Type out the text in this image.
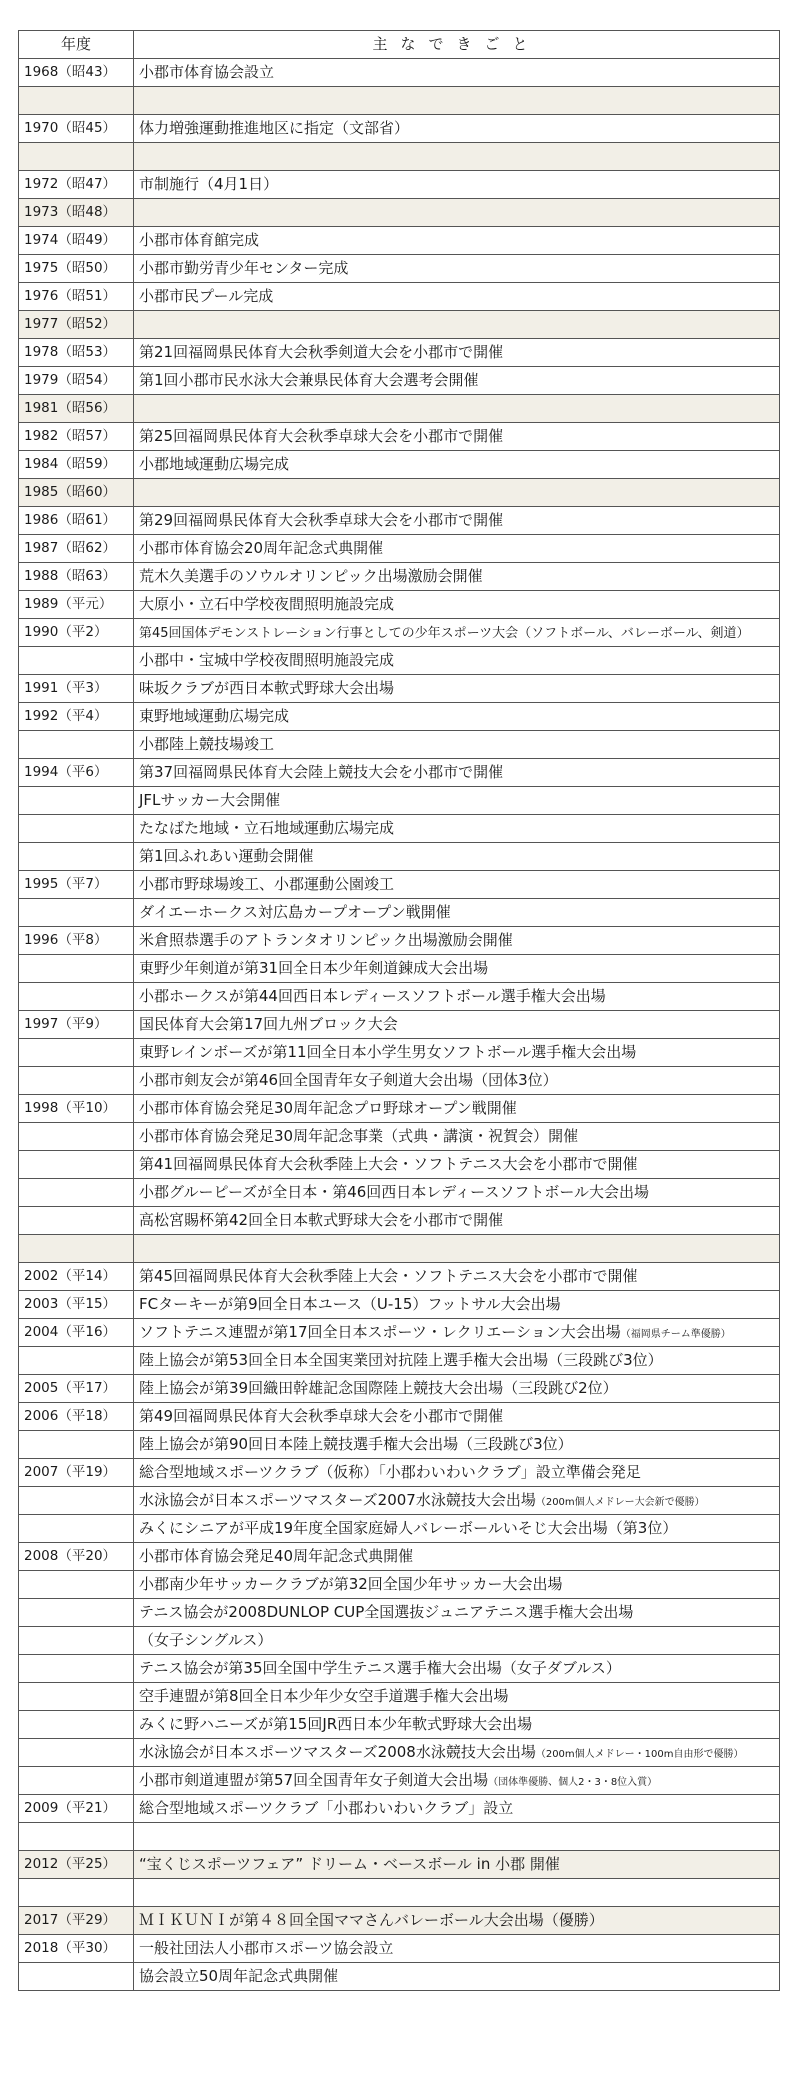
年度	主なできごと
1968（昭43）	小郡市体育協会設立

1970（昭45）	体力増強運動推進地区に指定（文部省）

1972（昭47）	市制施行（4月1日）
1973（昭48）	
1974（昭49）	小郡市体育館完成
1975（昭50）	小郡市勤労青少年センター完成
1976（昭51）	小郡市民プール完成
1977（昭52）	
1978（昭53）	第21回福岡県民体育大会秋季剣道大会を小郡市で開催
1979（昭54）	第1回小郡市民水泳大会兼県民体育大会選考会開催
1981（昭56）	
1982（昭57）	第25回福岡県民体育大会秋季卓球大会を小郡市で開催
1984（昭59）	小郡地域運動広場完成
1985（昭60）	
1986（昭61）	第29回福岡県民体育大会秋季卓球大会を小郡市で開催
1987（昭62）	小郡市体育協会20周年記念式典開催
1988（昭63）	荒木久美選手のソウルオリンピック出場激励会開催
1989（平元）	大原小・立石中学校夜間照明施設完成
1990（平2）	第45回国体デモンストレーション行事としての少年スポーツ大会（ソフトボール、バレーボール、剣道）
	小郡中・宝城中学校夜間照明施設完成
1991（平3）	味坂クラブが西日本軟式野球大会出場
1992（平4）	東野地域運動広場完成
	小郡陸上競技場竣工
1994（平6）	第37回福岡県民体育大会陸上競技大会を小郡市で開催
	JFLサッカー大会開催
	たなばた地域・立石地域運動広場完成
	第1回ふれあい運動会開催
1995（平7）	小郡市野球場竣工、小郡運動公園竣工
	ダイエーホークス対広島カープオープン戦開催
1996（平8）	米倉照恭選手のアトランタオリンピック出場激励会開催
	東野少年剣道が第31回全日本少年剣道錬成大会出場
	小郡ホークスが第44回西日本レディースソフトボール選手権大会出場
1997（平9）	国民体育大会第17回九州ブロック大会
	東野レインボーズが第11回全日本小学生男女ソフトボール選手権大会出場
	小郡市剣友会が第46回全国青年女子剣道大会出場（団体3位）
1998（平10）	小郡市体育協会発足30周年記念プロ野球オープン戦開催
	小郡市体育協会発足30周年記念事業（式典・講演・祝賀会）開催
	第41回福岡県民体育大会秋季陸上大会・ソフトテニス大会を小郡市で開催
	小郡グルーピーズが全日本・第46回西日本レディースソフトボール大会出場
	高松宮賜杯第42回全日本軟式野球大会を小郡市で開催

2002（平14）	第45回福岡県民体育大会秋季陸上大会・ソフトテニス大会を小郡市で開催
2003（平15）	FCターキーが第9回全日本ユース（U-15）フットサル大会出場
2004（平16）	ソフトテニス連盟が第17回全日本スポーツ・レクリエーション大会出場（福岡県チーム準優勝）
	陸上協会が第53回全日本全国実業団対抗陸上選手権大会出場（三段跳び3位）
2005（平17）	陸上協会が第39回織田幹雄記念国際陸上競技大会出場（三段跳び2位）
2006（平18）	第49回福岡県民体育大会秋季卓球大会を小郡市で開催
	陸上協会が第90回日本陸上競技選手権大会出場（三段跳び3位）
2007（平19）	総合型地域スポーツクラブ（仮称）「小郡わいわいクラブ」設立準備会発足
	水泳協会が日本スポーツマスターズ2007水泳競技大会出場（200m個人メドレー大会新で優勝）
	みくにシニアが平成19年度全国家庭婦人バレーボールいそじ大会出場（第3位）
2008（平20）	小郡市体育協会発足40周年記念式典開催
	小郡南少年サッカークラブが第32回全国少年サッカー大会出場
	テニス協会が2008DUNLOP CUP全国選抜ジュニアテニス選手権大会出場
	（女子シングルス）
	テニス協会が第35回全国中学生テニス選手権大会出場（女子ダブルス）
	空手連盟が第8回全日本少年少女空手道選手権大会出場
	みくに野ハニーズが第15回JR西日本少年軟式野球大会出場
	水泳協会が日本スポーツマスターズ2008水泳競技大会出場（200m個人メドレー・100m自由形で優勝）
	小郡市剣道連盟が第57回全国青年女子剣道大会出場（団体準優勝、個人2・3・8位入賞）
2009（平21）	総合型地域スポーツクラブ「小郡わいわいクラブ」設立

2012（平25）	“宝くじスポーツフェア” ドリーム・ベースボール in 小郡 開催

2017（平29）	ＭＩＫＵＮＩが第４８回全国ママさんバレーボール大会出場（優勝）
2018（平30）	一般社団法人小郡市スポーツ協会設立
	協会設立50周年記念式典開催
